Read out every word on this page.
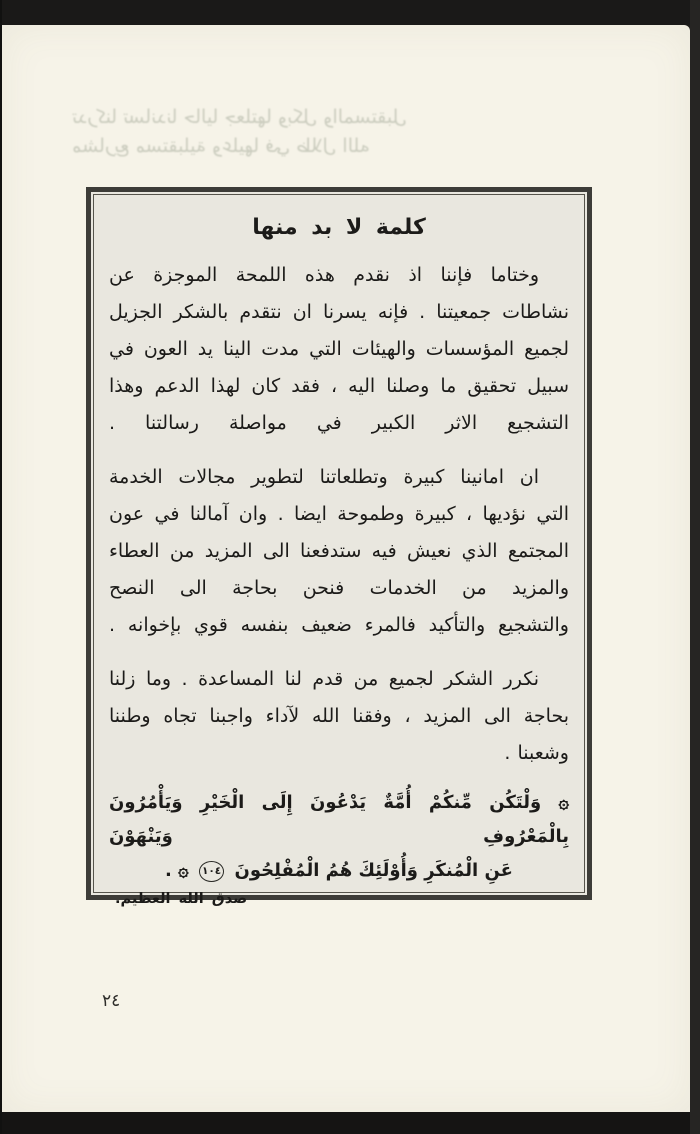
تدركنا تساندنا حاليا جعلتها وبكل والمستقبل
مشاريع مستقبلية وعليها في ظلال الله
كلمة لا بد منها
وختاما فإننا اذ نقدم هذه اللمحة الموجزة عن
نشاطات جمعيتنا . فإنه يسرنا ان نتقدم بالشكر الجزيل
لجميع المؤسسات والهيئات التي مدت الينا يد العون في
سبيل تحقيق ما وصلنا اليه ، فقد كان لهذا الدعم وهذا
التشجيع الاثر الكبير في مواصلة رسالتنا .
ان امانينا كبيرة وتطلعاتنا لتطوير مجالات الخدمة
التي نؤديها ، كبيرة وطموحة ايضا . وان آمالنا في عون
المجتمع الذي نعيش فيه ستدفعنا الى المزيد من العطاء
والمزيد من الخدمات فنحن بحاجة الى النصح
والتشجيع والتأكيد فالمرء ضعيف بنفسه قوي بإخوانه .
نكرر الشكر لجميع من قدم لنا المساعدة . وما زلنا
بحاجة الى المزيد ، وفقنا الله لآداء واجبنا تجاه وطننا
وشعبنا .
۞ وَلْتَكُن مِّنكُمْ أُمَّةٌ يَدْعُونَ إِلَى الْخَيْرِ وَيَأْمُرُونَ بِالْمَعْرُوفِ وَيَنْهَوْنَ
عَنِ الْمُنكَرِ وَأُوْلَئِكَ هُمُ الْمُفْلِحُونَ ١٠٤ ۞ .
صدق الله العظيم.
٢٤
